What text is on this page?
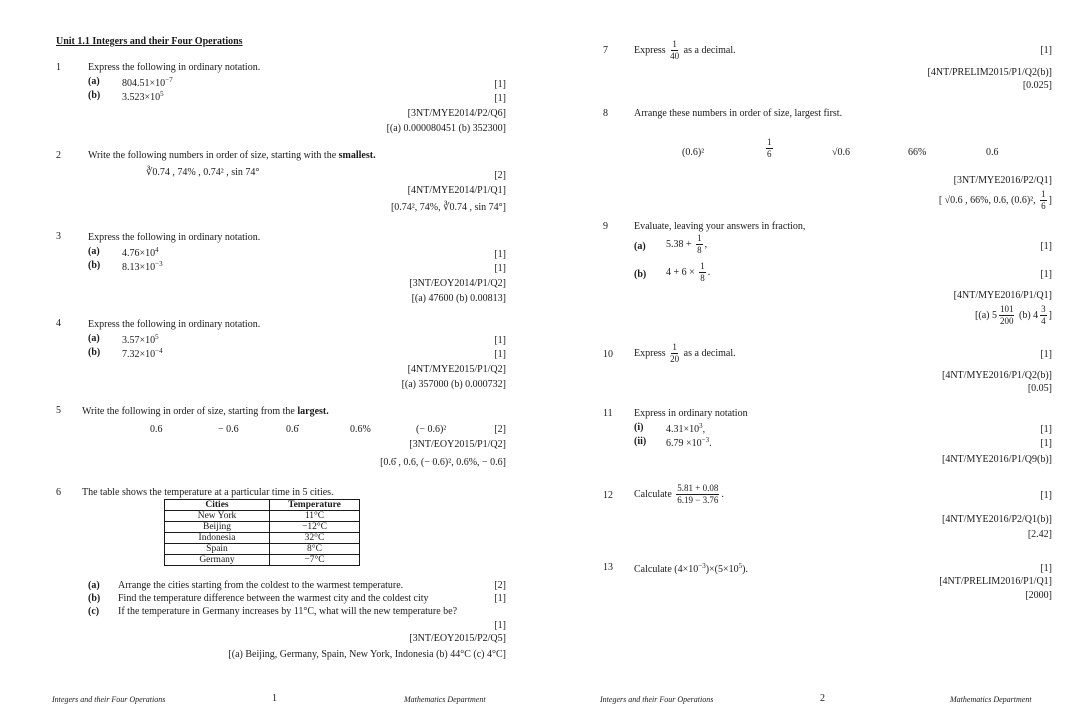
Unit 1.1 Integers and their Four Operations
1	Express the following in ordinary notation.
(a) $804.51\times 10^{-7}$	[1]
(b) $3.523\times 10^5$	[1]
[3NT/MYE2014/P2/Q6]
[(a) 0.000080451 (b) 352300]
2	Write the following numbers in order of size, starting with the smallest.
∛0.74 , 74% , 0.74² , sin 74°	[2]
[4NT/MYE2014/P1/Q1]
[0.74², 74%, ∛0.74 , sin 74°]
3	Express the following in ordinary notation.
(a) $4.76\times 10^4$	[1]
(b) $8.13\times 10^{-3}$	[1]
[3NT/EOY2014/P1/Q2]
[(a) 47600 (b) 0.00813]
4	Express the following in ordinary notation.
(a) $3.57\times 10^5$	[1]
(b) $7.32\times 10^{-4}$	[1]
[4NT/MYE2015/P1/Q2]
[(a) 357000 (b) 0.000732]
5 Write the following in order of size, starting from the largest.
0.6	− 0.6	0.6̇	0.6%	(− 0.6)²	[2]
[3NT/EOY2015/P1/Q2]
[0.6̇ , 0.6, (− 0.6)², 0.6%, − 0.6]
6 The table shows the temperature at a particular time in 5 cities.
Cities	Temperature
New York	11°C
Beijing	−12°C
Indonesia	32°C
Spain	8°C
Germany	−7°C
(a) Arrange the cities starting from the coldest to the warmest temperature.	[2]
(b) Find the temperature difference between the warmest city and the coldest city	[1]
(c) If the temperature in Germany increases by 11°C, what will the new temperature be?
[1]
[3NT/EOY2015/P2/Q5]
[(a) Beijing, Germany, Spain, New York, Indonesia (b) 44°C (c) 4°C]
Integers and their Four Operations	1	Mathematics Department
7	Express $\frac{1}{40}$ as a decimal.	[1]
[4NT/PRELIM2015/P1/Q2(b)]
[0.025]
8	Arrange these numbers in order of size, largest first.
(0.6)²	$\frac{1}{6}$	√0.6	66%	0.6
[3NT/MYE2016/P2/Q1]
[ √0.6 , 66%, 0.6, (0.6)², $\frac{1}{6}$ ]
9	Evaluate, leaving your answers in fraction,
(a) $5.38 + \frac{1}{8}$ ,	[1]
(b) $4 + 6 \times \frac{1}{8}$ .	[1]
[4NT/MYE2016/P1/Q1]
[(a) $5 \frac{101}{200} (b)$ $4 \frac{3}{4}$ ]
10 Express $\frac{1}{20}$ as a decimal.	[1]
[4NT/MYE2016/P1/Q2(b)]
[0.05]
11 Express in ordinary notation
(i) $4.31\times 10^3$,	[1]
(ii) $6.79 \times 10^{-3}$.	[1]
[4NT/MYE2016/P1/Q9(b)]
12 Calculate $\frac{5.81 + 0.08}{6.19 - 3.76}$ .	[1]
[4NT/MYE2016/P2/Q1(b)]
[2.42]
13 Calculate $(4\times 10^{-3})\times(5\times 10^5)$.	[1]
[4NT/PRELIM2016/P1/Q1]
[2000]
Integers and their Four Operations	2	Mathematics Department
